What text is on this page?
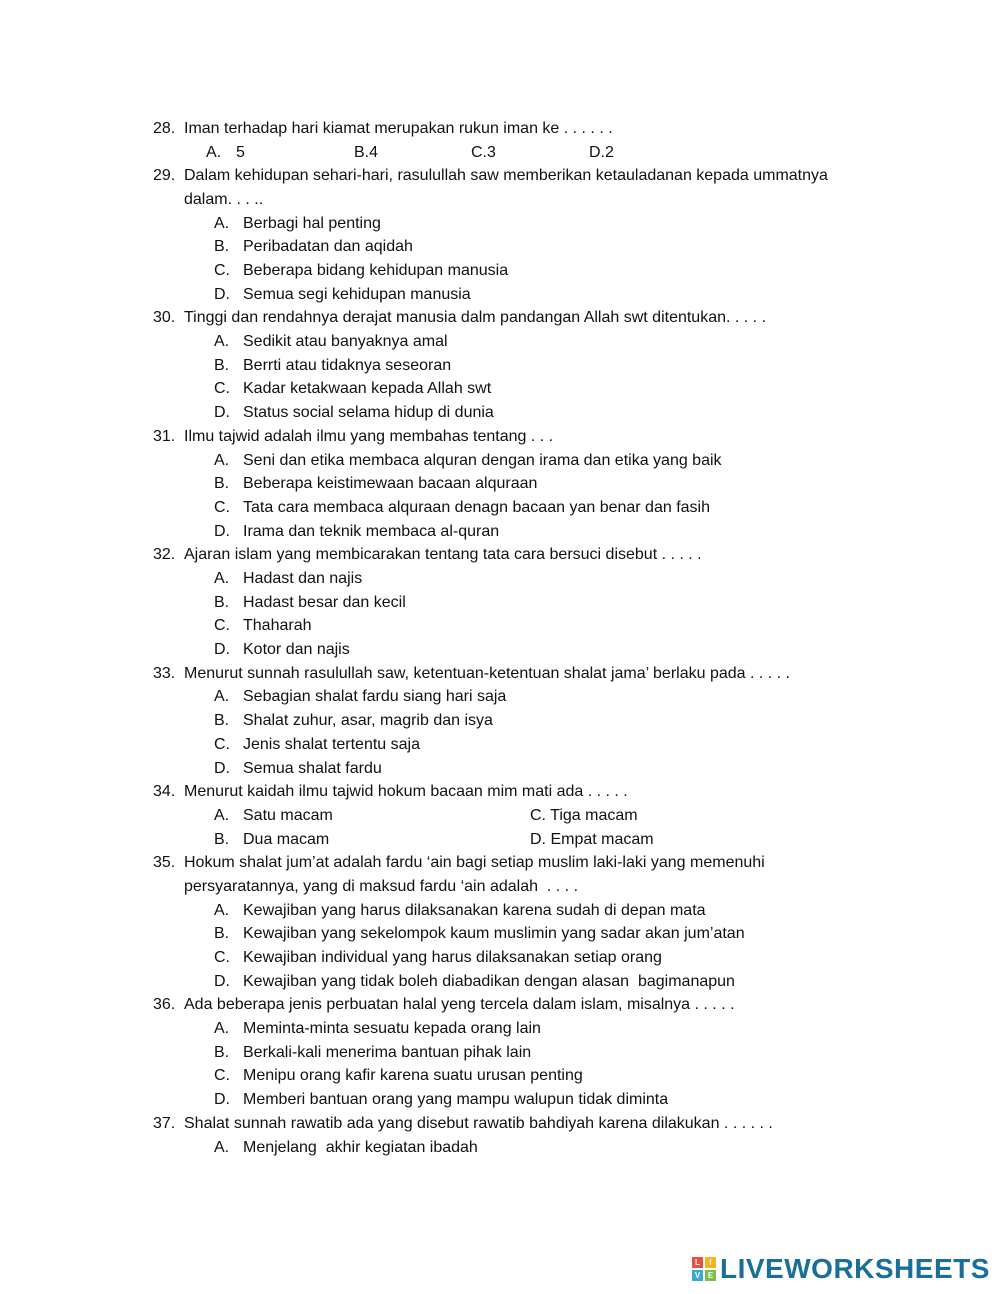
28. Iman terhadap hari kiamat merupakan rukun iman ke . . . . . .
A. 5	B.4	C.3	D.2
29. Dalam kehidupan sehari-hari, rasulullah saw memberikan ketauladanan kepada ummatnya
dalam. . . ..
A. Berbagi hal penting
B. Peribadatan dan aqidah
C. Beberapa bidang kehidupan manusia
D. Semua segi kehidupan manusia
30. Tinggi dan rendahnya derajat manusia dalm pandangan Allah swt ditentukan. . . . .
A. Sedikit atau banyaknya amal
B. Berrti atau tidaknya seseoran
C. Kadar ketakwaan kepada Allah swt
D. Status social selama hidup di dunia
31. Ilmu tajwid adalah ilmu yang membahas tentang . . .
A. Seni dan etika membaca alquran dengan irama dan etika yang baik
B. Beberapa keistimewaan bacaan alquraan
C. Tata cara membaca alquraan denagn bacaan yan benar dan fasih
D. Irama dan teknik membaca al-quran
32. Ajaran islam yang membicarakan tentang tata cara bersuci disebut . . . . .
A. Hadast dan najis
B. Hadast besar dan kecil
C. Thaharah
D. Kotor dan najis
33. Menurut sunnah rasulullah saw, ketentuan-ketentuan shalat jama’ berlaku pada . . . . .
A. Sebagian shalat fardu siang hari saja
B. Shalat zuhur, asar, magrib dan isya
C. Jenis shalat tertentu saja
D. Semua shalat fardu
34. Menurut kaidah ilmu tajwid hokum bacaan mim mati ada . . . . .
A. Satu macam	C. Tiga macam
B. Dua macam	D. Empat macam
35. Hokum shalat jum’at adalah fardu ‘ain bagi setiap muslim laki-laki yang memenuhi
persyaratannya, yang di maksud fardu ‘ain adalah  . . . .
A. Kewajiban yang harus dilaksanakan karena sudah di depan mata
B. Kewajiban yang sekelompok kaum muslimin yang sadar akan jum’atan
C. Kewajiban individual yang harus dilaksanakan setiap orang
D. Kewajiban yang tidak boleh diabadikan dengan alasan  bagimanapun
36. Ada beberapa jenis perbuatan halal yeng tercela dalam islam, misalnya . . . . .
A. Meminta-minta sesuatu kepada orang lain
B. Berkali-kali menerima bantuan pihak lain
C. Menipu orang kafir karena suatu urusan penting
D. Memberi bantuan orang yang mampu walupun tidak diminta
37. Shalat sunnah rawatib ada yang disebut rawatib bahdiyah karena dilakukan . . . . . .
A. Menjelang  akhir kegiatan ibadah
L	I
V E LIVEWORKSHEETS
